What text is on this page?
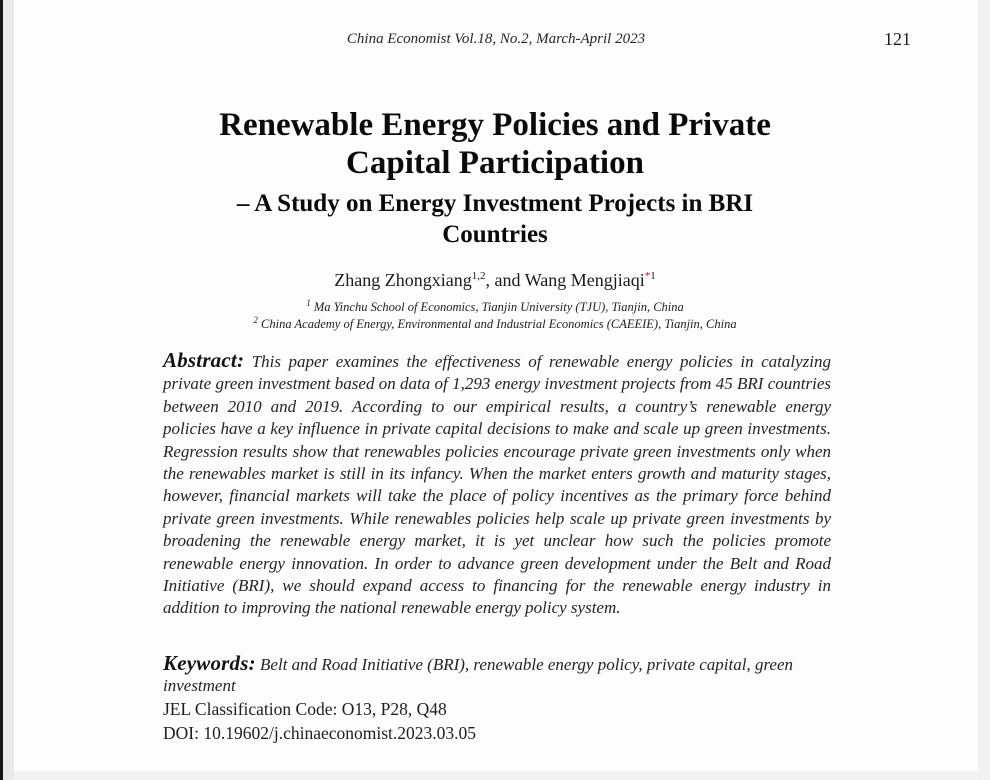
China Economist Vol.18, No.2, March-April 2023	121
Renewable Energy Policies and Private
Capital Participation
– A Study on Energy Investment Projects in BRI
Countries
Zhang Zhongxiang$^{1,2}$, and Wang Mengjiaqi$^{*1}$
$^1$ Ma Yinchu School of Economics, Tianjin University (TJU), Tianjin, China
$^2$ China Academy of Energy, Environmental and Industrial Economics (CAEEIE), Tianjin, China

Abstract: This paper examines the effectiveness of renewable energy policies in catalyzing private green investment based on data of 1,293 energy investment projects from 45 BRI countries between 2010 and 2019. According to our empirical results, a country’s renewable energy policies have a key influence in private capital decisions to make and scale up green investments. Regression results show that renewables policies encourage private green investments only when the renewables market is still in its infancy. When the market enters growth and maturity stages, however, financial markets will take the place of policy incentives as the primary force behind private green investments. While renewables policies help scale up private green investments by broadening the renewable energy market, it is yet unclear how such the policies promote renewable energy innovation. In order to advance green development under the Belt and Road Initiative (BRI), we should expand access to financing for the renewable energy industry in addition to improving the national renewable energy policy system.

Keywords: Belt and Road Initiative (BRI), renewable energy policy, private capital, green investment

JEL Classification Code: O13, P28, Q48
DOI: 10.19602/j.chinaeconomist.2023.03.05
